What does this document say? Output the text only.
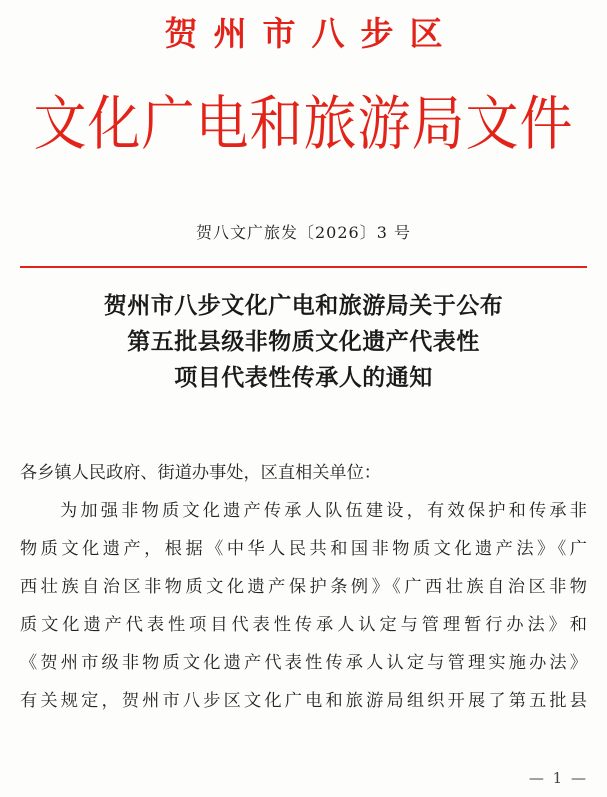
贺州市八步区
文化广电和旅游局文件
贺八文广旅发〔2026〕3 号
贺州市八步文化广电和旅游局关于公布
第五批县级非物质文化遗产代表性
项目代表性传承人的通知
各乡镇人民政府、街道办事处，区直相关单位：
为加强非物质文化遗产传承人队伍建设，有效保护和传承非
物质文化遗产，根据《中华人民共和国非物质文化遗产法》《广
西壮族自治区非物质文化遗产保护条例》《广西壮族自治区非物
质文化遗产代表性项目代表性传承人认定与管理暂行办法》和
《贺州市级非物质文化遗产代表性传承人认定与管理实施办法》
有关规定，贺州市八步区文化广电和旅游局组织开展了第五批县
— 1 —
